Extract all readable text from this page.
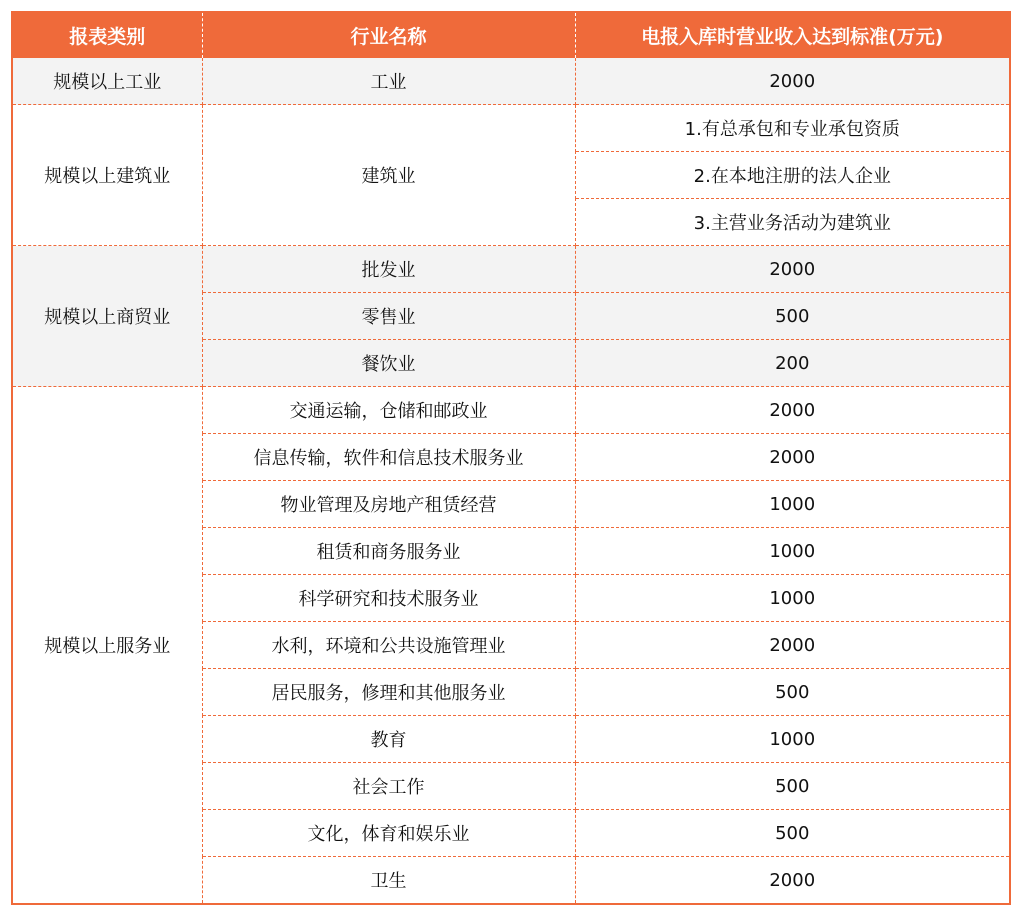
报表类别	行业名称	电报入库时营业收入达到标准(万元)
规模以上工业	工业	2000
规模以上建筑业	建筑业	1.有总承包和专业承包资质
		2.在本地注册的法人企业
		3.主营业务活动为建筑业
规模以上商贸业	批发业	2000
	零售业	500
	餐饮业	200
规模以上服务业	交通运输，仓储和邮政业	2000
	信息传输，软件和信息技术服务业	2000
	物业管理及房地产租赁经营	1000
	租赁和商务服务业	1000
	科学研究和技术服务业	1000
	水利，环境和公共设施管理业	2000
	居民服务，修理和其他服务业	500
	教育	1000
	社会工作	500
	文化，体育和娱乐业	500
	卫生	2000
